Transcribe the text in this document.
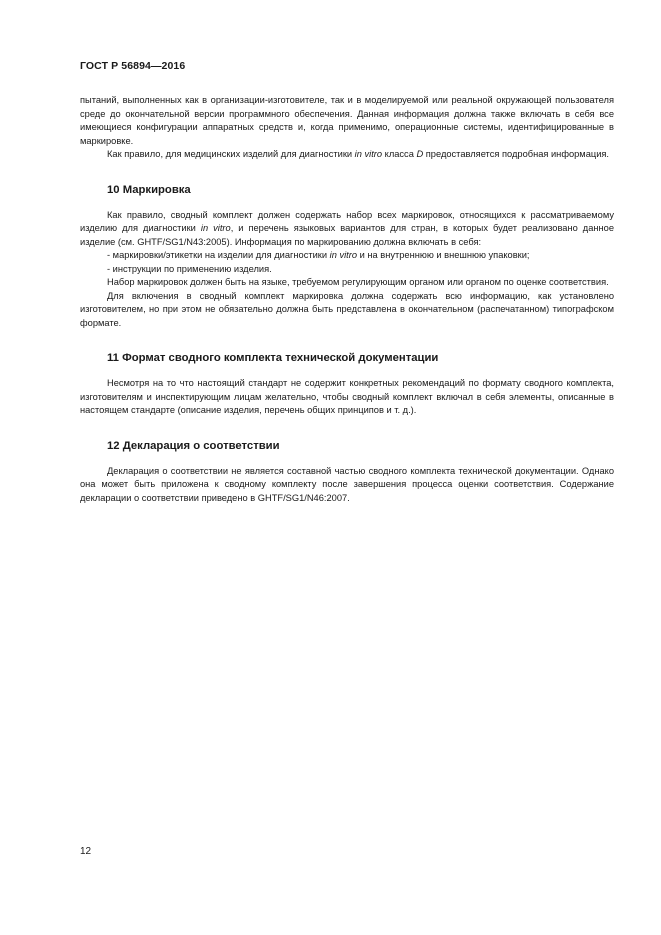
ГОСТ Р 56894—2016

пытаний, выполненных как в организации-изготовителе, так и в моделируемой или реальной окружающей пользователя среде до окончательной версии программного обеспечения. Данная информация должна также включать в себя все имеющиеся конфигурации аппаратных средств и, когда применимо, операционные системы, идентифицированные в маркировке.

Как правило, для медицинских изделий для диагностики in vitro класса D предоставляется подробная информация.

10 Маркировка

Как правило, сводный комплект должен содержать набор всех маркировок, относящихся к рассматриваемому изделию для диагностики in vitro, и перечень языковых вариантов для стран, в которых будет реализовано данное изделие (см. GHTF/SG1/N43:2005). Информация по маркированию должна включать в себя:

- маркировки/этикетки на изделии для диагностики in vitro и на внутреннюю и внешнюю упаковки;

- инструкции по применению изделия.

Набор маркировок должен быть на языке, требуемом регулирующим органом или органом по оценке соответствия.

Для включения в сводный комплект маркировка должна содержать всю информацию, как установлено изготовителем, но при этом не обязательно должна быть представлена в окончательном (распечатанном) типографском формате.

11 Формат сводного комплекта технической документации

Несмотря на то что настоящий стандарт не содержит конкретных рекомендаций по формату сводного комплекта, изготовителям и инспектирующим лицам желательно, чтобы сводный комплект включал в себя элементы, описанные в настоящем стандарте (описание изделия, перечень общих принципов и т. д.).

12 Декларация о соответствии

Декларация о соответствии не является составной частью сводного комплекта технической документации. Однако она может быть приложена к сводному комплекту после завершения процесса оценки соответствия. Содержание декларации о соответствии приведено в GHTF/SG1/N46:2007.

12
